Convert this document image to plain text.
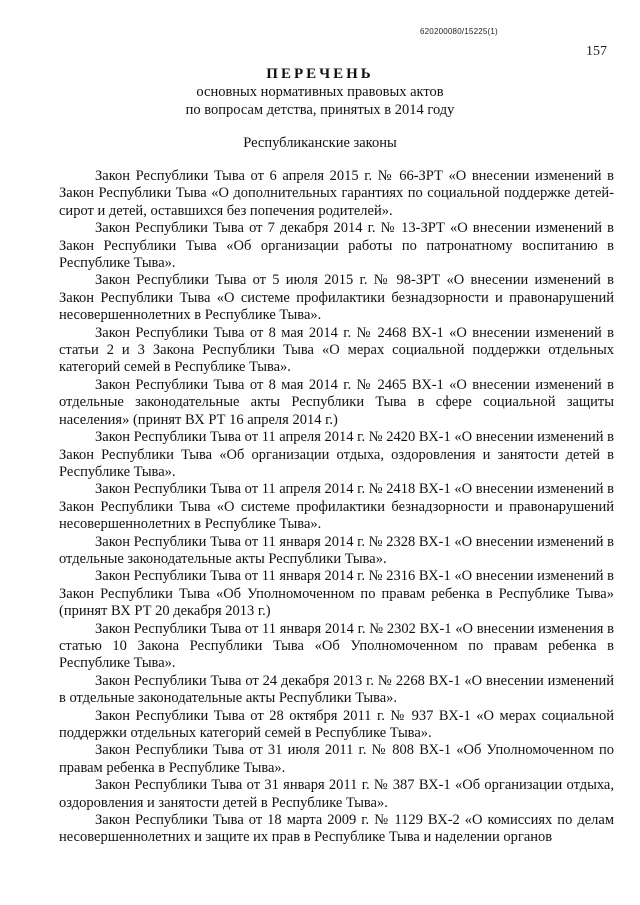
620200080/15225(1)
157
ПЕРЕЧЕНЬ
основных нормативных правовых актов
по вопросам детства, принятых в 2014 году
Республиканские законы

Закон Республики Тыва от 6 апреля 2015 г. № 66-ЗРТ «О внесении изменений в Закон Республики Тыва «О дополнительных гарантиях по социальной поддержке детей-сирот и детей, оставшихся без попечения родителей».

Закон Республики Тыва от 7 декабря 2014 г. № 13-ЗРТ «О внесении изменений в Закон Республики Тыва «Об организации работы по патронатному воспитанию в Республике Тыва».

Закон Республики Тыва от 5 июля 2015 г. № 98-ЗРТ «О внесении изменений в Закон Республики Тыва «О системе профилактики безнадзорности и правонарушений несовершеннолетних в Республике Тыва».

Закон Республики Тыва от 8 мая 2014 г. № 2468 ВХ-1 «О внесении изменений в статьи 2 и 3 Закона Республики Тыва «О мерах социальной поддержки отдельных категорий семей в Республике Тыва».

Закон Республики Тыва от 8 мая 2014 г. № 2465 ВХ-1 «О внесении изменений в отдельные законодательные акты Республики Тыва в сфере социальной защиты населения» (принят ВХ РТ 16 апреля 2014 г.)

Закон Республики Тыва от 11 апреля 2014 г. № 2420 ВХ-1 «О внесении изменений в Закон Республики Тыва «Об организации отдыха, оздоровления и занятости детей в Республике Тыва».

Закон Республики Тыва от 11 апреля 2014 г. № 2418 ВХ-1 «О внесении изменений в Закон Республики Тыва «О системе профилактики безнадзорности и правонарушений несовершеннолетних в Республике Тыва».

Закон Республики Тыва от 11 января 2014 г. № 2328 ВХ-1 «О внесении изменений в отдельные законодательные акты Республики Тыва».

Закон Республики Тыва от 11 января 2014 г. № 2316 ВХ-1 «О внесении изменений в Закон Республики Тыва «Об Уполномоченном по правам ребенка в Республике Тыва» (принят ВХ РТ 20 декабря 2013 г.)

Закон Республики Тыва от 11 января 2014 г. № 2302 ВХ-1 «О внесении изменения в статью 10 Закона Республики Тыва «Об Уполномоченном по правам ребенка в Республике Тыва».

Закон Республики Тыва от 24 декабря 2013 г. № 2268 ВХ-1 «О внесении изменений в отдельные законодательные акты Республики Тыва».

Закон Республики Тыва от 28 октября 2011 г. № 937 ВХ-1 «О мерах социальной поддержки отдельных категорий семей в Республике Тыва».

Закон Республики Тыва от 31 июля 2011 г. № 808 ВХ-1 «Об Уполномоченном по правам ребенка в Республике Тыва».

Закон Республики Тыва от 31 января 2011 г. № 387 ВХ-1 «Об организации отдыха, оздоровления и занятости детей в Республике Тыва».

Закон Республики Тыва от 18 марта 2009 г. № 1129 ВХ-2 «О комиссиях по делам несовершеннолетних и защите их прав в Республике Тыва и наделении органов
